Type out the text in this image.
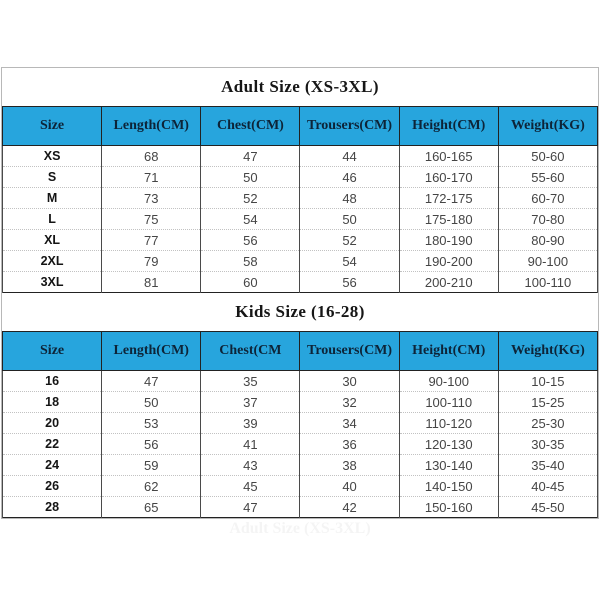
Adult Size (XS-3XL)
Size	Length(CM)	Chest(CM)	Trousers(CM)	Height(CM)	Weight(KG)
XS	68	47	44	160-165	50-60
S	71	50	46	160-170	55-60
M	73	52	48	172-175	60-70
L	75	54	50	175-180	70-80
XL	77	56	52	180-190	80-90
2XL	79	58	54	190-200	90-100
3XL	81	60	56	200-210	100-110
Kids Size (16-28)
Size	Length(CM)	Chest(CM	Trousers(CM)	Height(CM)	Weight(KG)
16	47	35	30	90-100	10-15
18	50	37	32	100-110	15-25
20	53	39	34	110-120	25-30
22	56	41	36	120-130	30-35
24	59	43	38	130-140	35-40
26	62	45	40	140-150	40-45
28	65	47	42	150-160	45-50
Adult Size (XS-3XL)
